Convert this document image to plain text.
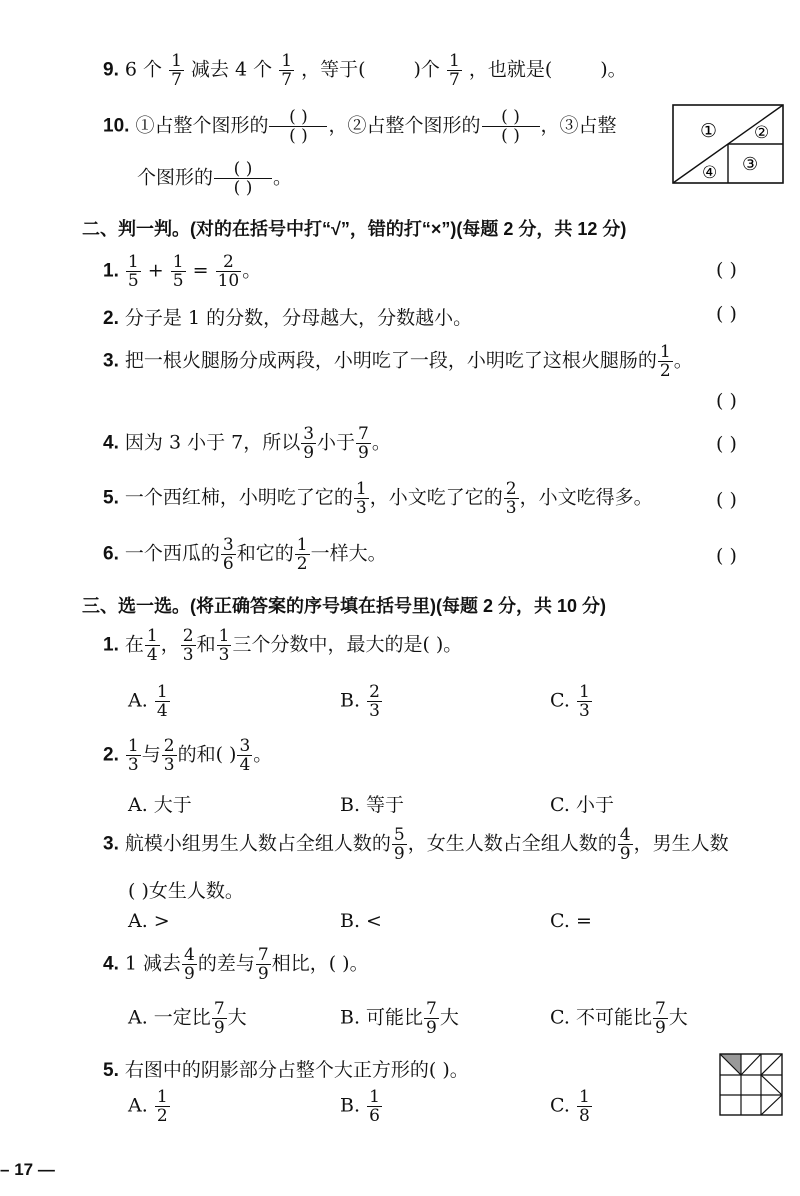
9. 6 个 $\frac{1}{7}$ 减去 4 个 $\frac{1}{7}$ ，等于(	)个 $\frac{1}{7}$ ，也就是(	)。
10. ①占整个图形的 $\frac{( )}{( )}$ ，②占整个图形的 $\frac{( )}{( )}$ ，③占整
个图形的 $\frac{( )}{( )}$ 。
① ②
③
④
二、判一判。(对的在括号中打“√”，错的打“×”)(每题 2 分，共 12 分)
1. $\frac{1}{5} + \frac{1}{5} = \frac{2}{10}$ 。	( )
2. 分子是 1 的分数，分母越大，分数越小。	( )
3. 把一根火腿肠分成两段，小明吃了一段，小明吃了这根火腿肠的 $\frac{1}{2}$ 。
( )
4. 因为 3 小于 7，所以 $\frac{3}{9}$ 小于 $\frac{7}{9}$ 。	( )
5. 一个西红柿，小明吃了它的 $\frac{1}{3}$ ，小文吃了它的 $\frac{2}{3}$ ，小文吃得多。	( )
6. 一个西瓜的 $\frac{3}{6}$ 和它的 $\frac{1}{2}$ 一样大。	( )
三、选一选。(将正确答案的序号填在括号里)(每题 2 分，共 10 分)
1. 在 $\frac{1}{4}$ ， $\frac{2}{3}$ 和 $\frac{1}{3}$ 三个分数中，最大的是( )。
A. $\frac{1}{4}$	B. $\frac{2}{3}$	C. $\frac{1}{3}$
2. $\frac{1}{3}$ 与 $\frac{2}{3}$ 的和( ) $\frac{3}{4}$ 。
A. 大于	B. 等于	C. 小于
3. 航模小组男生人数占全组人数的 $\frac{5}{9}$ ，女生人数占全组人数的 $\frac{4}{9}$ ，男生人数
( )女生人数。
A. >	B. <	C. =
4. 1 减去 $\frac{4}{9}$ 的差与 $\frac{7}{9}$ 相比，( )。
A. 一定比 $\frac{7}{9}$ 大	B. 可能比 $\frac{7}{9}$ 大	C. 不可能比 $\frac{7}{9}$ 大
5. 右图中的阴影部分占整个大正方形的( )。
A. $\frac{1}{2}$	B. $\frac{1}{6}$	C. $\frac{1}{8}$
– 17 —
